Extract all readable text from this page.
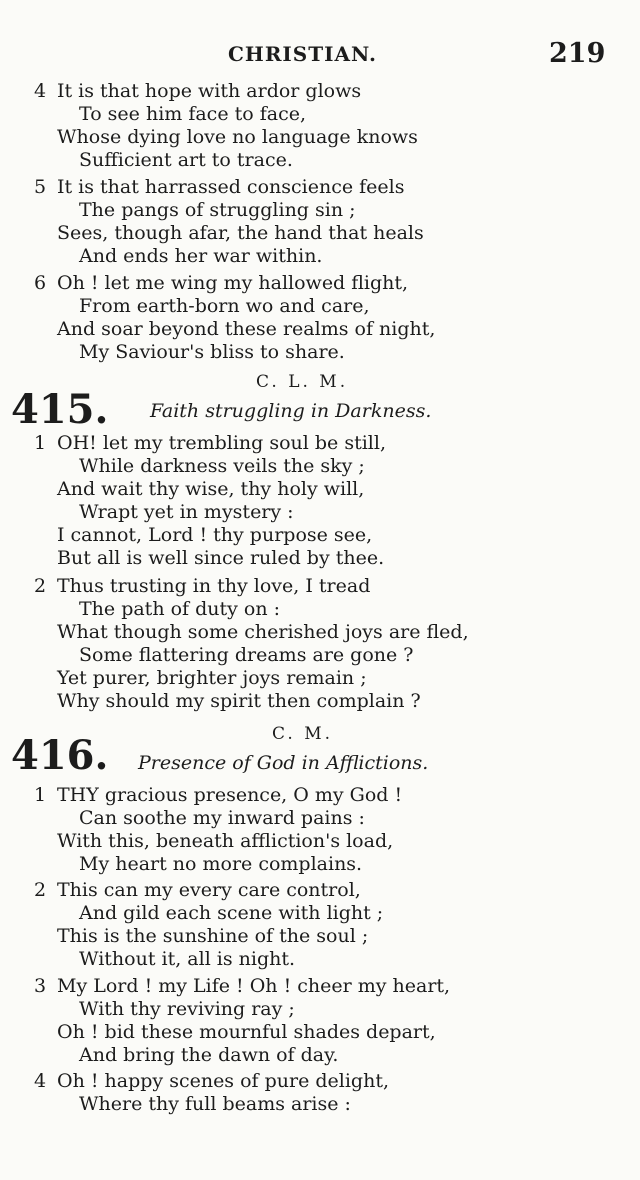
CHRISTIAN.	219
4 It is that hope with ardor glows
To see him face to face,
Whose dying love no language knows
Sufficient art to trace.
5 It is that harrassed conscience feels
The pangs of struggling sin ;
Sees, though afar, the hand that heals
And ends her war within.
6 Oh ! let me wing my hallowed flight,
From earth-born wo and care,
And soar beyond these realms of night,
My Saviour's bliss to share.
C. L. M.
415. Faith struggling in Darkness.
1 OH! let my trembling soul be still,
While darkness veils the sky ;
And wait thy wise, thy holy will,
Wrapt yet in mystery :
I cannot, Lord ! thy purpose see,
But all is well since ruled by thee.
2 Thus trusting in thy love, I tread
The path of duty on :
What though some cherished joys are fled,
Some flattering dreams are gone ?
Yet purer, brighter joys remain ;
Why should my spirit then complain ?
C. M.
416. Presence of God in Afflictions.
1 THY gracious presence, O my God !
Can soothe my inward pains :
With this, beneath affliction's load,
My heart no more complains.
2 This can my every care control,
And gild each scene with light ;
This is the sunshine of the soul ;
Without it, all is night.
3 My Lord ! my Life ! Oh ! cheer my heart,
With thy reviving ray ;
Oh ! bid these mournful shades depart,
And bring the dawn of day.
4 Oh ! happy scenes of pure delight,
Where thy full beams arise :
